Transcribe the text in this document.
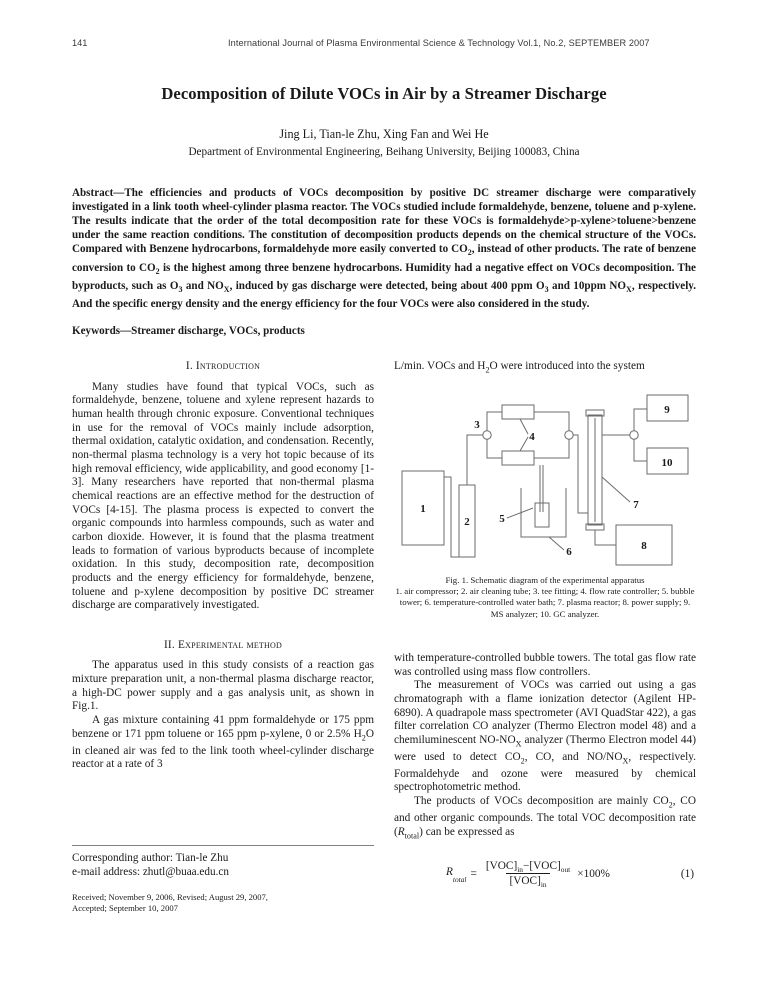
141	International Journal of Plasma Environmental Science & Technology Vol.1, No.2, SEPTEMBER 2007
Decomposition of Dilute VOCs in Air by a Streamer Discharge
Jing Li, Tian-le Zhu, Xing Fan and Wei He
Department of Environmental Engineering, Beihang University, Beijing 100083, China
Abstract—The efficiencies and products of VOCs decomposition by positive DC streamer discharge were comparatively investigated in a link tooth wheel-cylinder plasma reactor. The VOCs studied include formaldehyde, benzene, toluene and p-xylene. The results indicate that the order of the total decomposition rate for these VOCs is formaldehyde>p-xylene>toluene>benzene under the same reaction conditions. The constitution of decomposition products depends on the chemical structure of the VOCs. Compared with Benzene hydrocarbons, formaldehyde more easily converted to $CO_2$, instead of other products. The rate of benzene conversion to $CO_2$ is the highest among three benzene hydrocarbons. Humidity had a negative effect on VOCs decomposition. The byproducts, such as $O_3$ and $NO_X$, induced by gas discharge were detected, being about 400 ppm $O_3$ and 10ppm $NO_X$, respectively. And the specific energy density and the energy efficiency for the four VOCs were also considered in the study.
Keywords—Streamer discharge, VOCs, products
I. Introduction

Many studies have found that typical VOCs, such as formaldehyde, benzene, toluene and xylene represent hazards to human health through chronic exposure. Conventional techniques in use for the removal of VOCs mainly include adsorption, thermal oxidation, catalytic oxidation, and condensation. Recently, non-thermal plasma technology is a very hot topic because of its high removal efficiency, wide applicability, and good economy [1-3]. Many researchers have reported that non-thermal plasma chemical reactions are an effective method for the destruction of VOCs [4-15]. The plasma process is expected to convert the organic compounds into harmless compounds, such as water and carbon dioxide. However, it is found that the plasma treatment leads to formation of various byproducts because of incomplete oxidation. In this study, decomposition rate, decomposition products and the energy efficiency for formaldehyde, benzene, toluene and p-xylene decomposition by positive DC streamer discharge are comparatively investigated.

II. Experimental method

The apparatus used in this study consists of a reaction gas mixture preparation unit, a non-thermal plasma discharge reactor, a high-DC power supply and a gas analysis unit, as shown in Fig.1.

A gas mixture containing 41 ppm formaldehyde or 175 ppm benzene or 171 ppm toluene or 165 ppm p-xylene, 0 or 2.5% $H_2O$ in cleaned air was fed to the link tooth wheel-cylinder discharge reactor at a rate of 3

Corresponding author: Tian-le Zhu
e-mail address: zhutl@buaa.edu.cn
Received; November 9, 2006, Revised; August 29, 2007,
Accepted; September 10, 2007

L/min. VOCs and $H_2O$ were introduced into the system

1
2
3
4
5
6
7
8
9
10
Fig. 1. Schematic diagram of the experimental apparatus
1. air compressor; 2. air cleaning tube; 3. tee fitting; 4. flow rate controller; 5. bubble tower; 6. temperature-controlled water bath; 7. plasma reactor; 8. power supply; 9. MS analyzer; 10. GC analyzer.

with temperature-controlled bubble towers. The total gas flow rate was controlled using mass flow controllers.

The measurement of VOCs was carried out using a gas chromatograph with a flame ionization detector (Agilent HP-6890). A quadrapole mass spectrometer (AVI QuadStar 422), a gas filter correlation CO analyzer (Thermo Electron model 48) and a chemiluminescent $NO-NO_X$ analyzer (Thermo Electron model 44) were used to detect $CO_2$, CO, and $NO/NO_X$, respectively. Formaldehyde and ozone were measured by chemical spectrophotometric method.

The products of VOCs decomposition are mainly $CO_2$, CO and other organic compounds. The total VOC decomposition rate $(R_{total})$ can be expressed as

$R_{total} = \frac{[VOC]_{in}-[VOC]_{out}}{[VOC]_{in}} \times 100\%$	(1)
